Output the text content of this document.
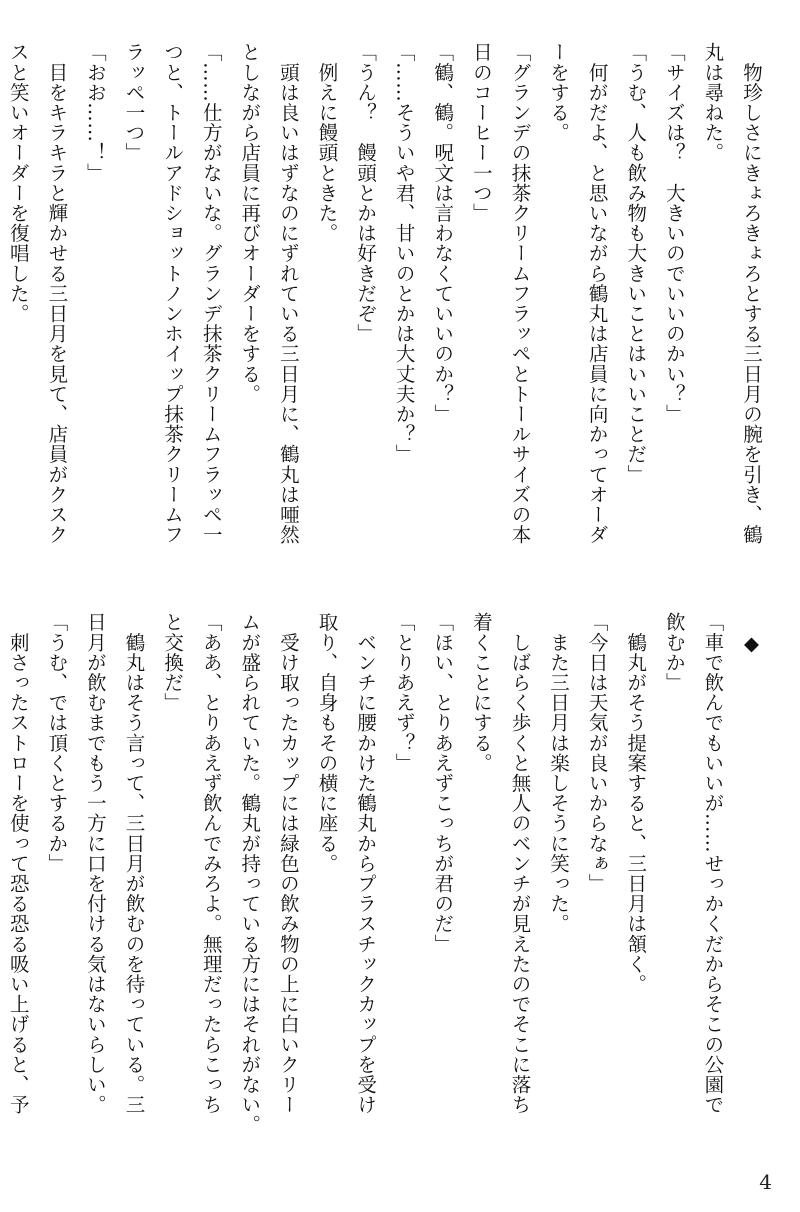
　物珍しさにきょろきょろとする三日月の腕を引き、鶴
丸は尋ねた。
「サイズは？　大きいのでいいのかい？」
「うむ、人も飲み物も大きいことはいいことだ」
　何がだよ、と思いながら鶴丸は店員に向かってオーダ
ーをする。
「グランデの抹茶クリームフラッペとトールサイズの本
日のコーヒー一つ」
「鶴、鶴。呪文は言わなくていいのか？」
「……そういや君、甘いのとかは大丈夫か？」
「うん？　饅頭とかは好きだぞ」
　例えに饅頭ときた。
　頭は良いはずなのにずれている三日月に、鶴丸は唖然
としながら店員に再びオーダーをする。
「……仕方がないな。グランデ抹茶クリームフラッペ一
つと、トールアドショットノンホイップ抹茶クリームフ
ラッペ一つ」
「おお……！」
　目をキラキラと輝かせる三日月を見て、店員がクスク
スと笑いオーダーを復唱した。
　◆
「車で飲んでもいいが……せっかくだからそこの公園で
飲むか」
　鶴丸がそう提案すると、三日月は頷く。
「今日は天気が良いからなぁ」
　また三日月は楽しそうに笑った。
　しばらく歩くと無人のベンチが見えたのでそこに落ち
着くことにする。
「ほい、とりあえずこっちが君のだ」
「とりあえず？」
　ベンチに腰かけた鶴丸からプラスチックカップを受け
取り、自身もその横に座る。
　受け取ったカップには緑色の飲み物の上に白いクリー
ムが盛られていた。鶴丸が持っている方にはそれがない。
「ああ、とりあえず飲んでみろよ。無理だったらこっち
と交換だ」
　鶴丸はそう言って、三日月が飲むのを待っている。三
日月が飲むまでもう一方に口を付ける気はないらしい。
「うむ、では頂くとするか」
　刺さったストローを使って恐る恐る吸い上げると、予
4
